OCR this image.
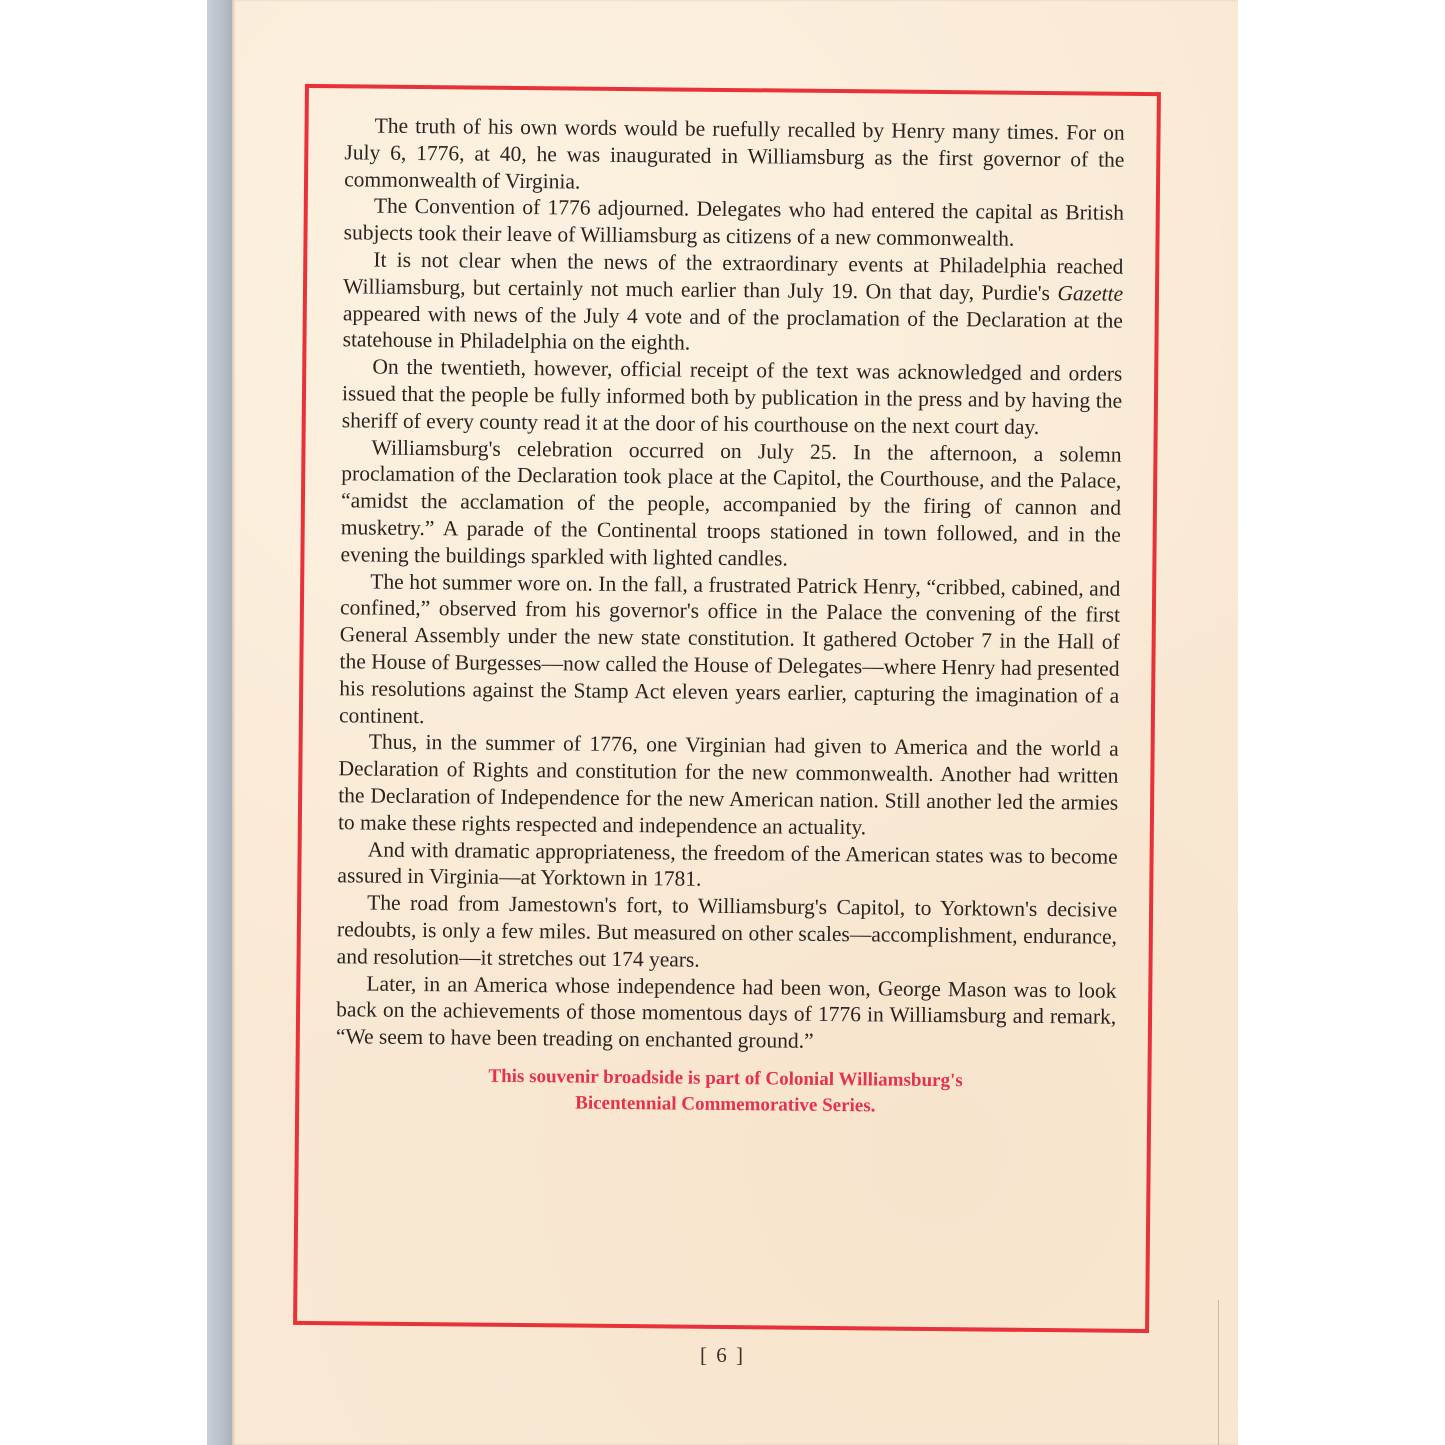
The truth of his own words would be ruefully recalled by Henry many times. For on July 6, 1776, at 40, he was inaugurated in Williamsburg as the first governor of the commonwealth of Virginia.

The Convention of 1776 adjourned. Delegates who had entered the capital as British subjects took their leave of Williamsburg as citizens of a new commonwealth.

It is not clear when the news of the extraordinary events at Philadelphia reached Williamsburg, but certainly not much earlier than July 19. On that day, Purdie's Gazette appeared with news of the July 4 vote and of the proclamation of the Declaration at the statehouse in Philadelphia on the eighth.

On the twentieth, however, official receipt of the text was acknowledged and orders issued that the people be fully informed both by publication in the press and by having the sheriff of every county read it at the door of his courthouse on the next court day.

Williamsburg's celebration occurred on July 25. In the afternoon, a solemn proclamation of the Declaration took place at the Capitol, the Courthouse, and the Palace, “amidst the acclamation of the people, accompanied by the firing of cannon and musketry.” A parade of the Continental troops stationed in town followed, and in the evening the buildings sparkled with lighted candles.

The hot summer wore on. In the fall, a frustrated Patrick Henry, “cribbed, cabined, and confined,” observed from his governor's office in the Palace the convening of the first General Assembly under the new state constitution. It gathered October 7 in the Hall of the House of Burgesses—now called the House of Delegates—where Henry had presented his resolutions against the Stamp Act eleven years earlier, capturing the imagination of a continent.

Thus, in the summer of 1776, one Virginian had given to America and the world a Declaration of Rights and constitution for the new commonwealth. Another had written the Declaration of Independence for the new American nation. Still another led the armies to make these rights respected and independence an actuality.

And with dramatic appropriateness, the freedom of the American states was to become assured in Virginia—at Yorktown in 1781.

The road from Jamestown's fort, to Williamsburg's Capitol, to Yorktown's decisive redoubts, is only a few miles. But measured on other scales—accomplishment, endurance, and resolution—it stretches out 174 years.

Later, in an America whose independence had been won, George Mason was to look back on the achievements of those momentous days of 1776 in Williamsburg and remark, “We seem to have been treading on enchanted ground.”

This souvenir broadside is part of Colonial Williamsburg's
Bicentennial Commemorative Series.
[ 6 ]
